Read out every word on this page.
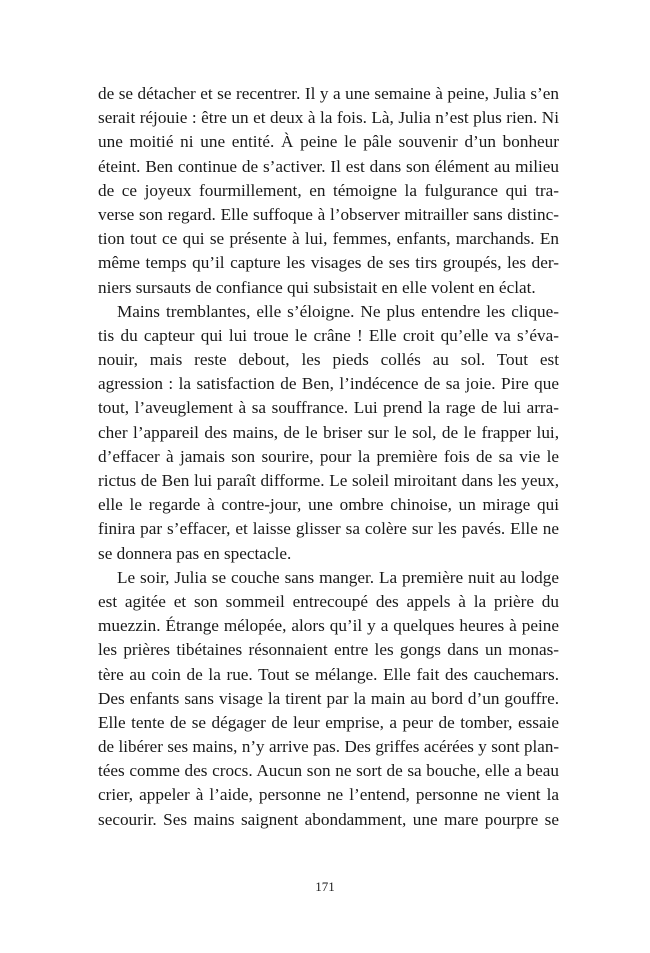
de se détacher et se recentrer. Il y a une semaine à peine, Julia s’en
serait réjouie : être un et deux à la fois. Là, Julia n’est plus rien. Ni
une moitié ni une entité. À peine le pâle souvenir d’un bonheur
éteint. Ben continue de s’activer. Il est dans son élément au milieu
de ce joyeux fourmillement, en témoigne la fulgurance qui tra-
verse son regard. Elle suffoque à l’observer mitrailler sans distinc-
tion tout ce qui se présente à lui, femmes, enfants, marchands. En
même temps qu’il capture les visages de ses tirs groupés, les der-
niers sursauts de confiance qui subsistait en elle volent en éclat.
Mains tremblantes, elle s’éloigne. Ne plus entendre les clique-
tis du capteur qui lui troue le crâne ! Elle croit qu’elle va s’éva-
nouir, mais reste debout, les pieds collés au sol. Tout est
agression : la satisfaction de Ben, l’indécence de sa joie. Pire que
tout, l’aveuglement à sa souffrance. Lui prend la rage de lui arra-
cher l’appareil des mains, de le briser sur le sol, de le frapper lui,
d’effacer à jamais son sourire, pour la première fois de sa vie le
rictus de Ben lui paraît difforme. Le soleil miroitant dans les yeux,
elle le regarde à contre-jour, une ombre chinoise, un mirage qui
finira par s’effacer, et laisse glisser sa colère sur les pavés. Elle ne
se donnera pas en spectacle.
Le soir, Julia se couche sans manger. La première nuit au lodge
est agitée et son sommeil entrecoupé des appels à la prière du
muezzin. Étrange mélopée, alors qu’il y a quelques heures à peine
les prières tibétaines résonnaient entre les gongs dans un monas-
tère au coin de la rue. Tout se mélange. Elle fait des cauchemars.
Des enfants sans visage la tirent par la main au bord d’un gouffre.
Elle tente de se dégager de leur emprise, a peur de tomber, essaie
de libérer ses mains, n’y arrive pas. Des griffes acérées y sont plan-
tées comme des crocs. Aucun son ne sort de sa bouche, elle a beau
crier, appeler à l’aide, personne ne l’entend, personne ne vient la
secourir. Ses mains saignent abondamment, une mare pourpre se
171
